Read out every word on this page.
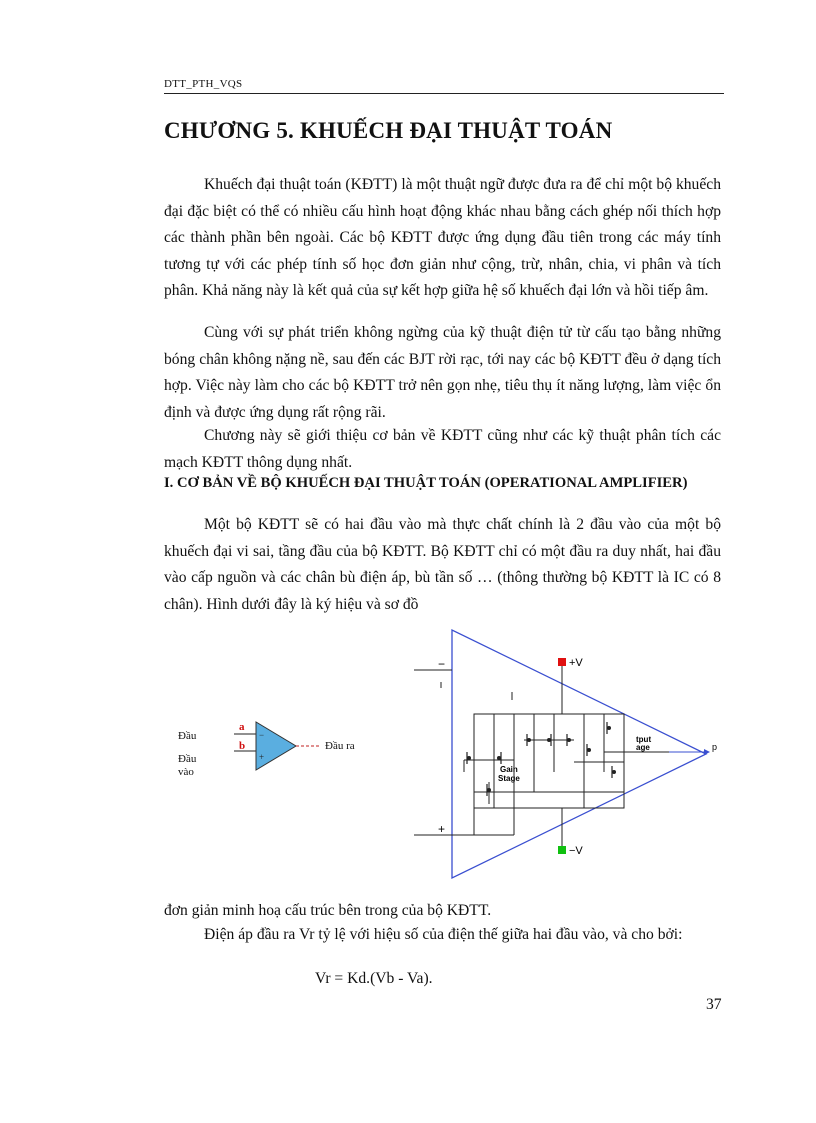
DTT_PTH_VQS
CHƯƠNG 5. KHUẾCH ĐẠI THUẬT TOÁN

Khuếch đại thuật toán (KĐTT) là một thuật ngữ được đưa ra để chỉ một bộ khuếch đại đặc biệt có thể có nhiều cấu hình hoạt động khác nhau bằng cách ghép nối thích hợp các thành phần bên ngoài. Các bộ KĐTT được ứng dụng đầu tiên trong các máy tính tương tự với các phép tính số học đơn giản như cộng, trừ, nhân, chia, vi phân và tích phân. Khả năng này là kết quả của sự kết hợp giữa hệ số khuếch đại lớn và hồi tiếp âm.

Cùng với sự phát triển không ngừng của kỹ thuật điện tử từ cấu tạo bằng những bóng chân không nặng nề, sau đến các BJT rời rạc, tới nay các bộ KĐTT đều ở dạng tích hợp. Việc này làm cho các bộ KĐTT trở nên gọn nhẹ, tiêu thụ ít năng lượng, làm việc ổn định và được ứng dụng rất rộng rãi.

Chương này sẽ giới thiệu cơ bản về KĐTT cũng như các kỹ thuật phân tích các mạch KĐTT thông dụng nhất.

I. CƠ BẢN VỀ BỘ KHUẾCH ĐẠI THUẬT TOÁN (OPERATIONAL AMPLIFIER)

Một bộ KĐTT sẽ có hai đầu vào mà thực chất chính là 2 đầu vào của một bộ khuếch đại vi sai, tầng đầu của bộ KĐTT. Bộ KĐTT chỉ có một đầu ra duy nhất, hai đầu vào cấp nguồn và các chân bù điện áp, bù tần số … (thông thường bộ KĐTT là IC có 8 chân). Hình dưới đây là ký hiệu và sơ đồ

−
+
a
b
Đầu
Đầu
vào
Đầu ra
Gain
Stage
tput
age	p
−
+
+V
−V

đơn giản minh hoạ cấu trúc bên trong của bộ KĐTT.

Điện áp đầu ra Vr tỷ lệ với hiệu số của điện thế giữa hai đầu vào, và cho bởi:

Vr = Kd.(Vb - Va).
37
